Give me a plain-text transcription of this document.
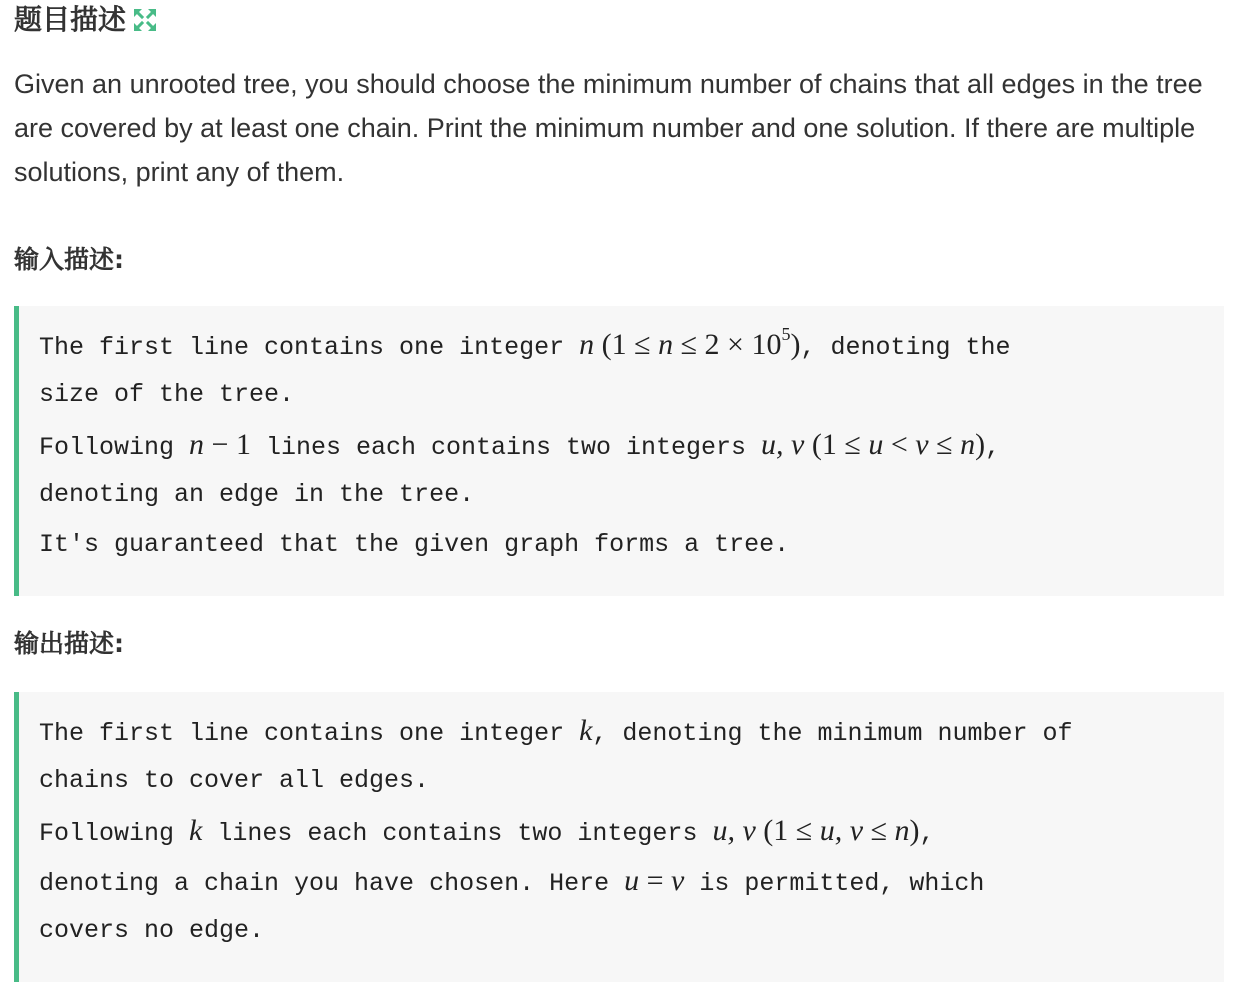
题目描述
Given an unrooted tree, you should choose the minimum number of chains that all edges in the tree are covered by at least one chain. Print the minimum number and one solution. If there are multiple solutions, print any of them.
输入描述:
The first line contains one integer n $(1 \le n \le 2 \times 10^5)$, denoting the
size of the tree.
Following n − 1 lines each contains two integers u, v (1 ≤ u < v ≤ n),
denoting an edge in the tree.
It's guaranteed that the given graph forms a tree.
输出描述:
The first line contains one integer k, denoting the minimum number of
chains to cover all edges.
Following k lines each contains two integers u, v (1 ≤ u, v ≤ n),
denoting a chain you have chosen. Here u = v is permitted, which
covers no edge.
